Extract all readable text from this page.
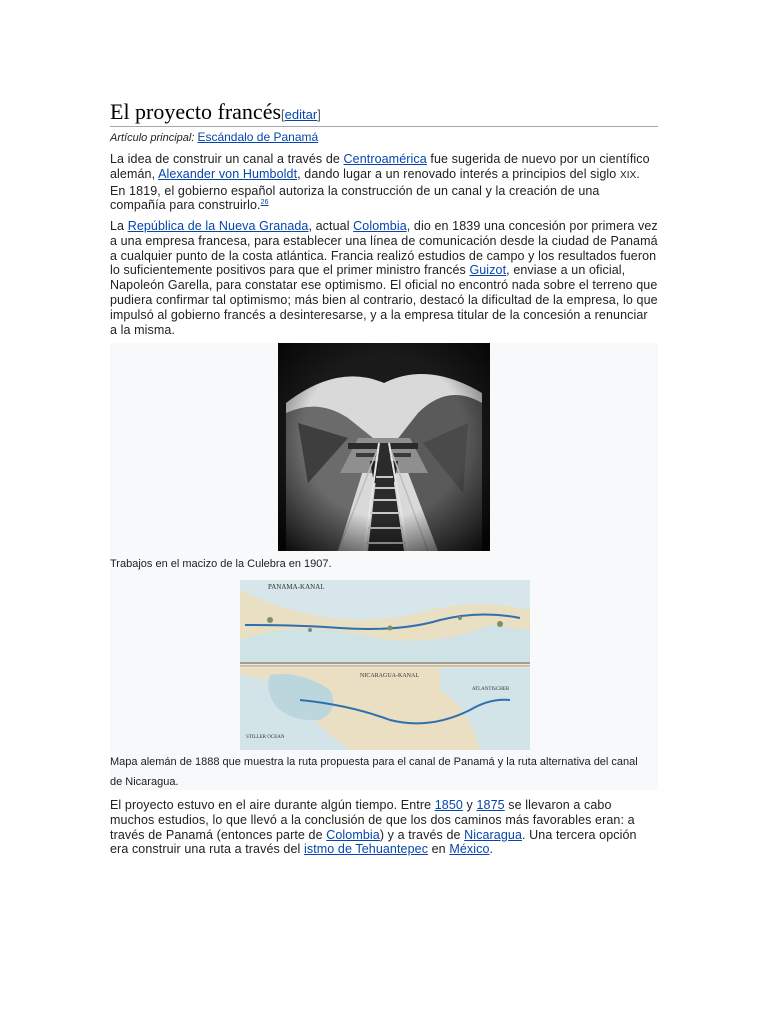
El proyecto francés[editar]
Artículo principal: Escándalo de Panamá

La idea de construir un canal a través de Centroamérica fue sugerida de nuevo por un científico alemán, Alexander von Humboldt, dando lugar a un renovado interés a principios del siglo XIX. En 1819, el gobierno español autoriza la construcción de un canal y la creación de una compañía para construirlo.$^{26}$

La República de la Nueva Granada, actual Colombia, dio en 1839 una concesión por primera vez a una empresa francesa, para establecer una línea de comunicación desde la ciudad de Panamá a cualquier punto de la costa atlántica. Francia realizó estudios de campo y los resultados fueron lo suficientemente positivos para que el primer ministro francés Guizot, enviase a un oficial, Napoleón Garella, para constatar ese optimismo. El oficial no encontró nada sobre el terreno que pudiera confirmar tal optimismo; más bien al contrario, destacó la dificultad de la empresa, lo que impulsó al gobierno francés a desinteresarse, y a la empresa titular de la concesión a renunciar a la misma.

Trabajos en el macizo de la Culebra en 1907.
PANAMA-KANAL
NICARAGUA-KANAL
ATLANTISCHER
STILLER OCEAN
Mapa alemán de 1888 que muestra la ruta propuesta para el canal de Panamá y la ruta alternativa del canal de Nicaragua.

El proyecto estuvo en el aire durante algún tiempo. Entre 1850 y 1875 se llevaron a cabo muchos estudios, lo que llevó a la conclusión de que los dos caminos más favorables eran: a través de Panamá (entonces parte de Colombia) y a través de Nicaragua. Una tercera opción era construir una ruta a través del istmo de Tehuantepec en México.
